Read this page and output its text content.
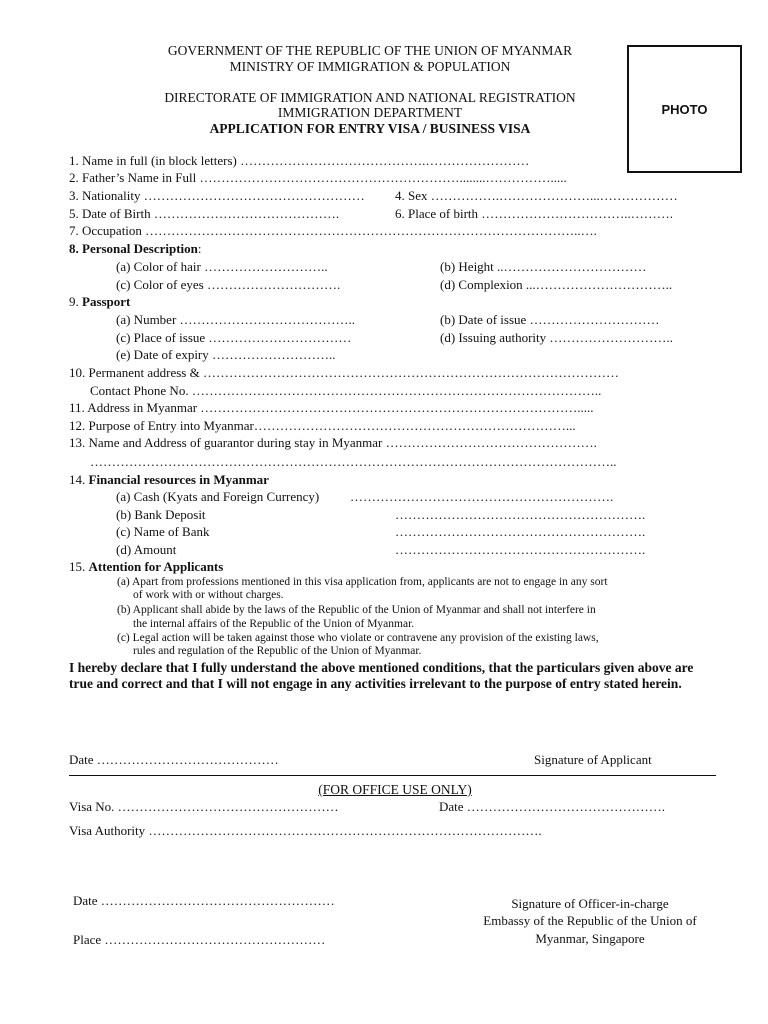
GOVERNMENT OF THE REPUBLIC OF THE UNION OF MYANMAR
MINISTRY OF IMMIGRATION & POPULATION
DIRECTORATE OF IMMIGRATION AND NATIONAL REGISTRATION
IMMIGRATION DEPARTMENT
APPLICATION FOR ENTRY VISA / BUSINESS VISA
PHOTO
1. Name in full (in block letters) …………………………………….……………………
2. Father’s Name in Full ……………………………………………………........…………….....
3. Nationality …………………………………………… 4. Sex …………….…………………...………………
5. Date of Birth …………………………………….	6. Place of birth ……………………………..……….
7. Occupation ………………………………………………………………………………………..….
8. Personal Description:
(a) Color of hair ………………………..	(b) Height ..……………………………
(c) Color of eyes ………………………….	(d) Complexion ...…………………………..
9. Passport
(a) Number …………………………………..	(b) Date of issue …………………………
(c) Place of issue ……………………………	(d) Issuing authority ………………………..
(e) Date of expiry ………………………..
10. Permanent address & ……………………………………………………………………………………
Contact Phone No. …………………………………………………………………………………..
11. Address in Myanmar …………………………………………………………………………….....
12. Purpose of Entry into Myanmar………………………………………………………………...
13. Name and Address of guarantor during stay in Myanmar ………………………………………….
…………………………………………………………………………………………………………..
14. Financial resources in Myanmar
(a) Cash (Kyats and Foreign Currency) …………………………………………………….
(b) Bank Deposit	………………………………………………….
(c) Name of Bank	………………………………………………….
(d) Amount	………………………………………………….
15. Attention for Applicants
(a) Apart from professions mentioned in this visa application from, applicants are not to engage in any sort
of work with or without charges.
(b) Applicant shall abide by the laws of the Republic of the Union of Myanmar and shall not interfere in
the internal affairs of the Republic of the Union of Myanmar.
(c) Legal action will be taken against those who violate or contravene any provision of the existing laws,
rules and regulation of the Republic of the Union of Myanmar.
I hereby declare that I fully understand the above mentioned conditions, that the particulars given above are true and correct and that I will not engage in any activities irrelevant to the purpose of entry stated herein.
Date ……………………………………	Signature of Applicant
(FOR OFFICE USE ONLY)
Visa No. ……………………………………………	Date ……………………………………….
Visa Authority ……………………………………………………………………………….
Date ………………………………………………
Place ……………………………………………
Signature of Officer-in-charge
Embassy of the Republic of the Union of
Myanmar, Singapore
